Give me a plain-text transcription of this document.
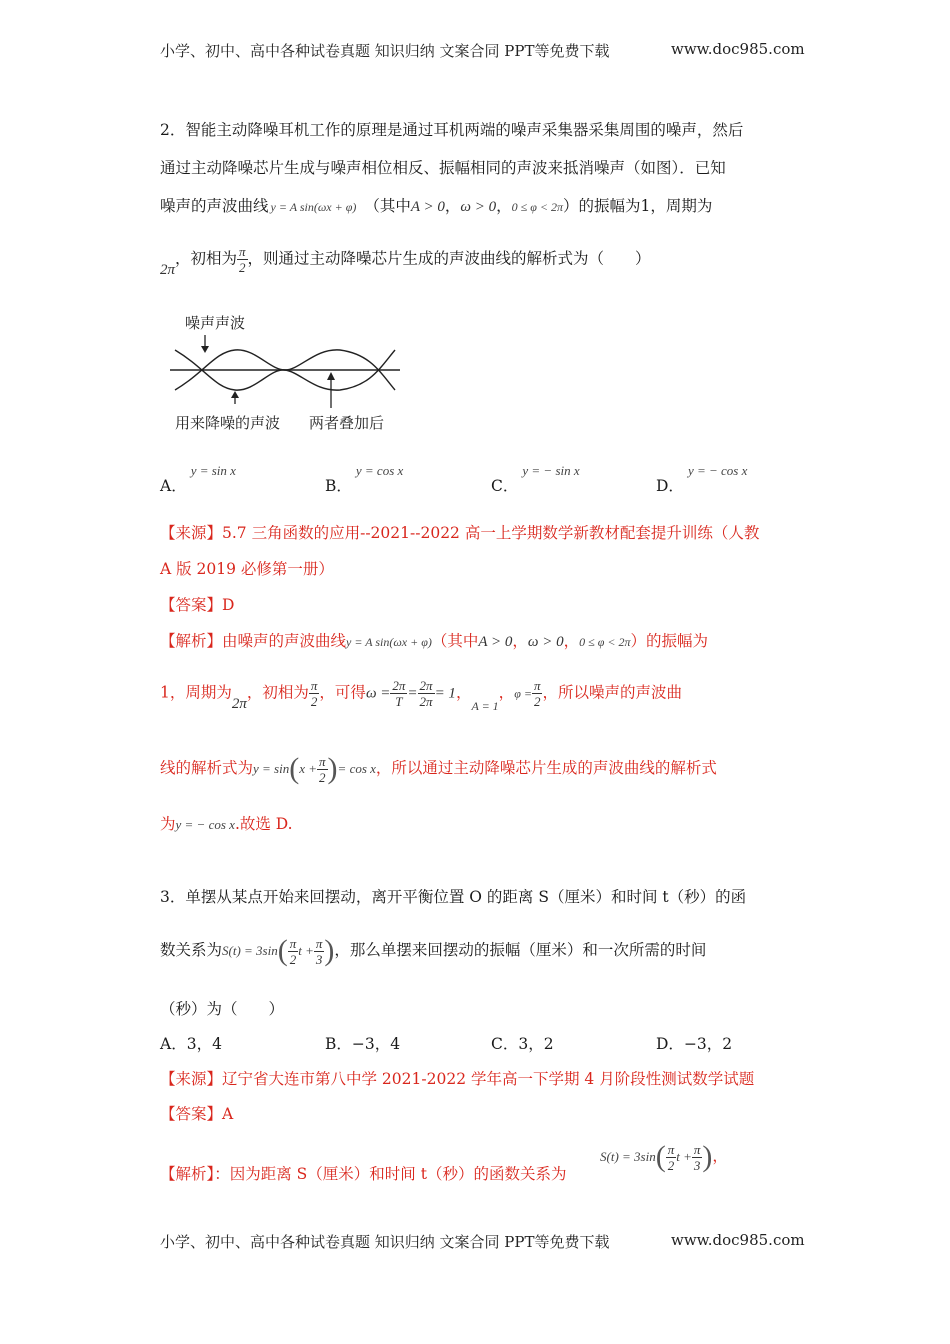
小学、初中、高中各种试卷真题 知识归纳 文案合同 PPT等免费下载	www.doc985.com
2．智能主动降噪耳机工作的原理是通过耳机两端的噪声采集器采集周围的噪声，然后
通过主动降噪芯片生成与噪声相位相反、振幅相同的声波来抵消噪声（如图）．已知
噪声的声波曲线 y = A sin(ωx + φ) （其中A > 0，ω > 0，0 ≤ φ < 2π）的振幅为1，周期为
2π，初相为 $\frac{\pi}{2}$ ，则通过主动降噪芯片生成的声波曲线的解析式为（　　）
噪声声波
用来降噪的声波 两者叠加后
A．y = sin x
B．y = cos x
C．y = − sin x
D．y = − cos x
【来源】5.7 三角函数的应用--2021--2022 高一上学期数学新教材配套提升训练（人教
A 版 2019 必修第一册）
【答案】D
【解析】由噪声的声波曲线y = A sin(ωx + φ)（其中A > 0，ω > 0，0 ≤ φ < 2π）的振幅为
1，周期为2π，初相为 $\frac{\pi}{2}$ ，可得$\omega = \frac{2\pi}{T} = \frac{2\pi}{2\pi} = 1$，$_{A = 1}$，$\varphi = \frac{\pi}{2}$ ，所以噪声的声波曲
线的解析式为$y = \sin(x + \frac{\pi}{2}$ )= cos x，所以通过主动降噪芯片生成的声波曲线的解析式
为y = − cos x.故选 D.
3．单摆从某点开始来回摆动，离开平衡位置 O 的距离 S（厘米）和时间 t（秒）的函
数关系为$S(t) = 3\sin( \frac{\pi}{2}$ $t + \frac{\pi}{3}$ )，那么单摆来回摆动的振幅（厘米）和一次所需的时间
（秒）为（　　）
A．3，4	B．−3，4	C．3，2	D．−3，2
【来源】辽宁省大连市第八中学 2021-2022 学年高一下学期 4 月阶段性测试数学试题
【答案】A
【解析】：因为距离 S（厘米）和时间 t（秒）的函数关系为
$S(t) = 3\sin( \frac{\pi}{2}$ $t + \frac{\pi}{3}$ )，
小学、初中、高中各种试卷真题 知识归纳 文案合同 PPT等免费下载	www.doc985.com
